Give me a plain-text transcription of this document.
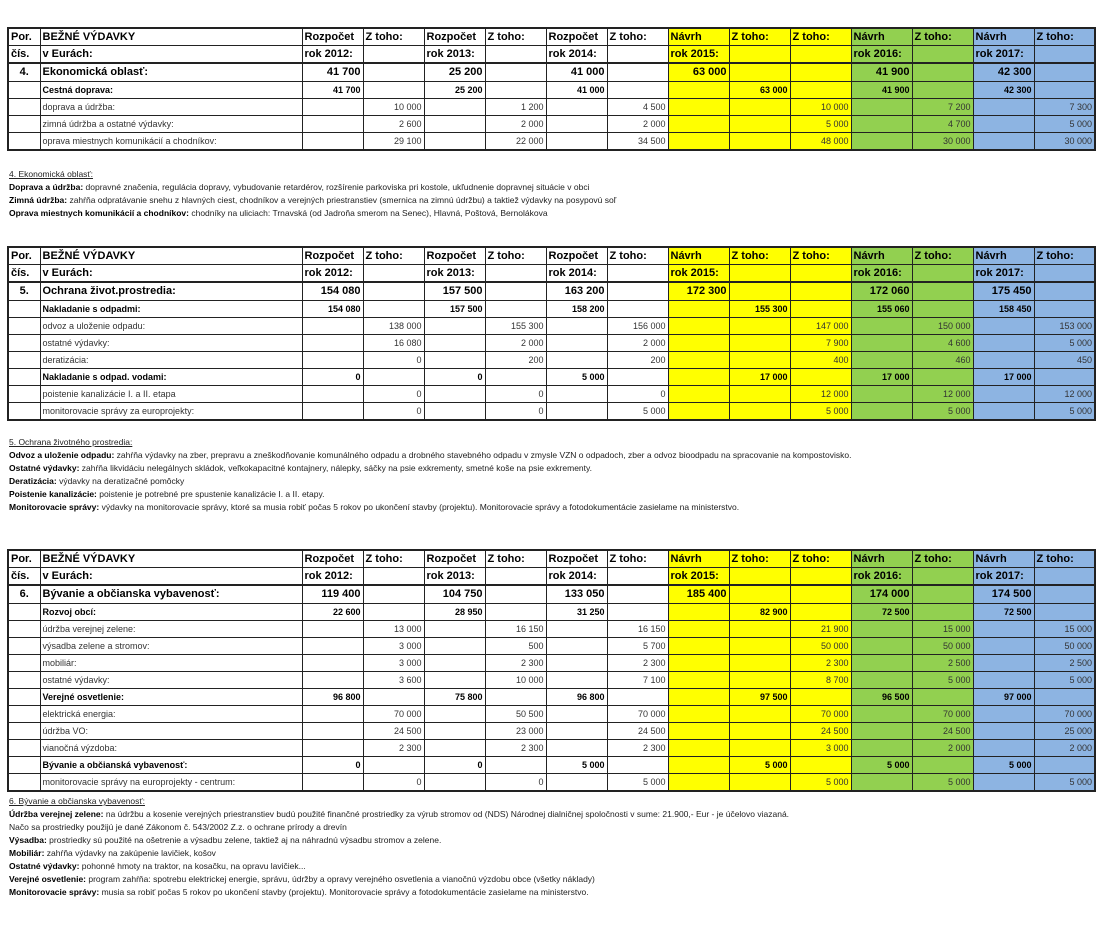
Por.	BEŽNÉ VÝDAVKY	Rozpočet	Z toho:	Rozpočet	Z toho:	Rozpočet	Z toho:	Návrh	Z toho:	Z toho:	Návrh	Z toho:	Návrh	Z toho:
čís.	v Eurách:	rok 2012:		rok 2013:		rok 2014:		rok 2015:			rok 2016:		rok 2017:	
4.	Ekonomická oblasť:	41 700		25 200		41 000		63 000			41 900		42 300	
	Cestná doprava:	41 700		25 200		41 000			63 000		41 900		42 300	
	doprava a údržba:		10 000		1 200		4 500			10 000		7 200		7 300
	zimná údržba a ostatné výdavky:		2 600		2 000		2 000			5 000		4 700		5 000
	oprava miestnych komunikácií a chodníkov:		29 100		22 000		34 500			48 000		30 000		30 000
4. Ekonomická oblasť:
Doprava a údržba: dopravné značenia, regulácia dopravy, vybudovanie retardérov, rozšírenie parkoviska pri kostole, ukľudnenie dopravnej situácie v obci
Zimná údržba: zahŕňa odpratávanie snehu z hlavných ciest, chodníkov a verejných priestranstiev (smernica na zimnú údržbu) a taktiež výdavky na posypovú soľ
Oprava miestnych komunikácií a chodníkov: chodníky na uliciach: Trnavská (od Jadroňa smerom na Senec), Hlavná, Poštová, Bernolákova
Por.	BEŽNÉ VÝDAVKY	Rozpočet	Z toho:	Rozpočet	Z toho:	Rozpočet	Z toho:	Návrh	Z toho:	Z toho:	Návrh	Z toho:	Návrh	Z toho:
čís.	v Eurách:	rok 2012:		rok 2013:		rok 2014:		rok 2015:			rok 2016:		rok 2017:	
5.	Ochrana život.prostredia:	154 080		157 500		163 200		172 300			172 060		175 450	
	Nakladanie s odpadmi:	154 080		157 500		158 200			155 300		155 060		158 450	
	odvoz a uloženie odpadu:		138 000		155 300		156 000			147 000		150 000		153 000
	ostatné výdavky:		16 080		2 000		2 000			7 900		4 600		5 000
	deratizácia:		0		200		200			400		460		450
	Nakladanie s odpad. vodami:	0		0		5 000			17 000		17 000		17 000	
	poistenie kanalizácie I. a II. etapa		0		0		0			12 000		12 000		12 000
	monitorovacie správy za europrojekty:		0		0		5 000			5 000		5 000		5 000
5. Ochrana životného prostredia:
Odvoz a uloženie odpadu: zahŕňa výdavky na zber, prepravu a zneškodňovanie komunálného odpadu a drobného stavebného odpadu v zmysle VZN o odpadoch, zber a odvoz bioodpadu na spracovanie na kompostovisko.
Ostatné výdavky: zahŕňa likvidáciu nelegálnych skládok, veľkokapacitné kontajnery, nálepky, sáčky na psie exkrementy, smetné koše na psie exkrementy.
Deratizácia: výdavky na deratizačné pomôcky
Poistenie kanalizácie: poistenie je potrebné pre spustenie kanalizácie I. a II. etapy.
Monitorovacie správy: výdavky na monitorovacie správy, ktoré sa musia robiť počas 5 rokov po ukončení stavby (projektu). Monitorovacie správy a fotodokumentácie zasielame na ministerstvo.
Por.	BEŽNÉ VÝDAVKY	Rozpočet	Z toho:	Rozpočet	Z toho:	Rozpočet	Z toho:	Návrh	Z toho:	Z toho:	Návrh	Z toho:	Návrh	Z toho:
čís.	v Eurách:	rok 2012:		rok 2013:		rok 2014:		rok 2015:			rok 2016:		rok 2017:	
6.	Bývanie a občianska vybavenosť:	119 400		104 750		133 050		185 400			174 000		174 500	
	Rozvoj obcí:	22 600		28 950		31 250			82 900		72 500		72 500	
	údržba verejnej zelene:		13 000		16 150		16 150			21 900		15 000		15 000
	výsadba zelene a stromov:		3 000		500		5 700			50 000		50 000		50 000
	mobiliár:		3 000		2 300		2 300			2 300		2 500		2 500
	ostatné výdavky:		3 600		10 000		7 100			8 700		5 000		5 000
	Verejné osvetlenie:	96 800		75 800		96 800			97 500		96 500		97 000	
	elektrická energia:		70 000		50 500		70 000			70 000		70 000		70 000
	údržba VO:		24 500		23 000		24 500			24 500		24 500		25 000
	vianočná výzdoba:		2 300		2 300		2 300			3 000		2 000		2 000
	Bývanie a občianská vybavenosť:	0		0		5 000			5 000		5 000		5 000	
	monitorovacie správy na europrojekty - centrum:		0		0		5 000			5 000		5 000		5 000
6. Bývanie a občianska vybavenosť:
Údržba verejnej zelene: na údržbu a kosenie verejných priestranstiev budú použité finančné prostriedky za výrub stromov od (NDS) Národnej dialničnej spoločnosti v sume: 21.900,- Eur - je účelovo viazaná.
Načo sa prostriedky použijú je dané Zákonom č. 543/2002 Z.z. o ochrane prírody a drevín
Výsadba: prostriedky sú použité na ošetrenie a výsadbu zelene, taktiež aj na náhradnú výsadbu stromov a zelene.
Mobiliár: zahŕňa výdavky na zakúpenie lavičiek, košov
Ostatné výdavky: pohonné hmoty na traktor, na kosačku, na opravu lavičiek...
Verejné osvetlenie: program zahŕňa: spotrebu elektrickej energie, správu, údržby a opravy verejného osvetlenia a vianočnú výzdobu obce (všetky náklady)
Monitorovacie správy: musia sa robiť počas 5 rokov po ukončení stavby (projektu). Monitorovacie správy a fotodokumentácie zasielame na ministerstvo.
